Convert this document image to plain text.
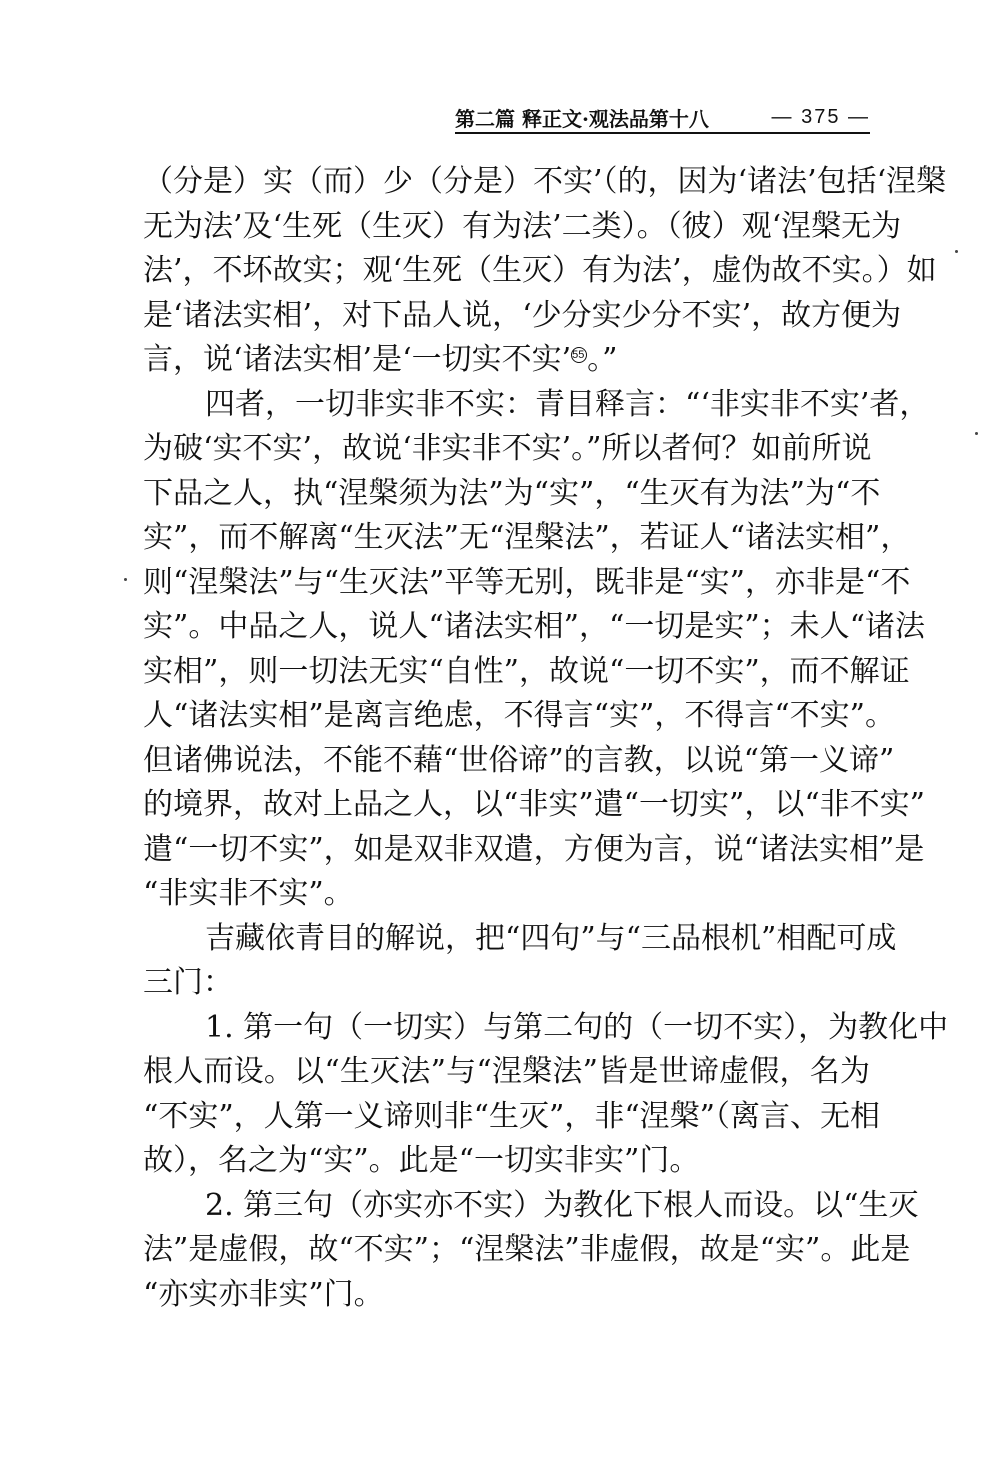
第二篇 释正文·观法品第十八	— 375 —
（分是）实（而）少（分是）不实’（的，因为‘诸法’包括‘涅槃
无为法’及‘生死（生灭）有为法’二类）。（彼）观‘涅槃无为
法’，不坏故实；观‘生死（生灭）有为法’，虚伪故不实。）如
是‘诸法实相’，对下品人说，‘少分实少分不实’，故方便为
言，说‘诸法实相’是‘一切实不实’55。”
四者，一切非实非不实：青目释言：“‘非实非不实’者，
为破‘实不实’，故说‘非实非不实’。”所以者何？如前所说
下品之人，执“涅槃须为法”为“实”，“生灭有为法”为“不
实”，而不解离“生灭法”无“涅槃法”，若证人“诸法实相”，
则“涅槃法”与“生灭法”平等无别，既非是“实”，亦非是“不
实”。中品之人，说人“诸法实相”，“一切是实”；未人“诸法
实相”，则一切法无实“自性”，故说“一切不实”，而不解证
人“诸法实相”是离言绝虑，不得言“实”，不得言“不实”。
但诸佛说法，不能不藉“世俗谛”的言教，以说“第一义谛”
的境界，故对上品之人，以“非实”遣“一切实”，以“非不实”
遣“一切不实”，如是双非双遣，方便为言，说“诸法实相”是
“非实非不实”。
吉藏依青目的解说，把“四句”与“三品根机”相配可成
三门：
1. 第一句（一切实）与第二句的（一切不实），为教化中
根人而设。以“生灭法”与“涅槃法”皆是世谛虚假，名为
“不实”，人第一义谛则非“生灭”，非“涅槃”（离言、无相
故），名之为“实”。此是“一切实非实”门。
2. 第三句（亦实亦不实）为教化下根人而设。以“生灭
法”是虚假，故“不实”；“涅槃法”非虚假，故是“实”。此是
“亦实亦非实”门。
